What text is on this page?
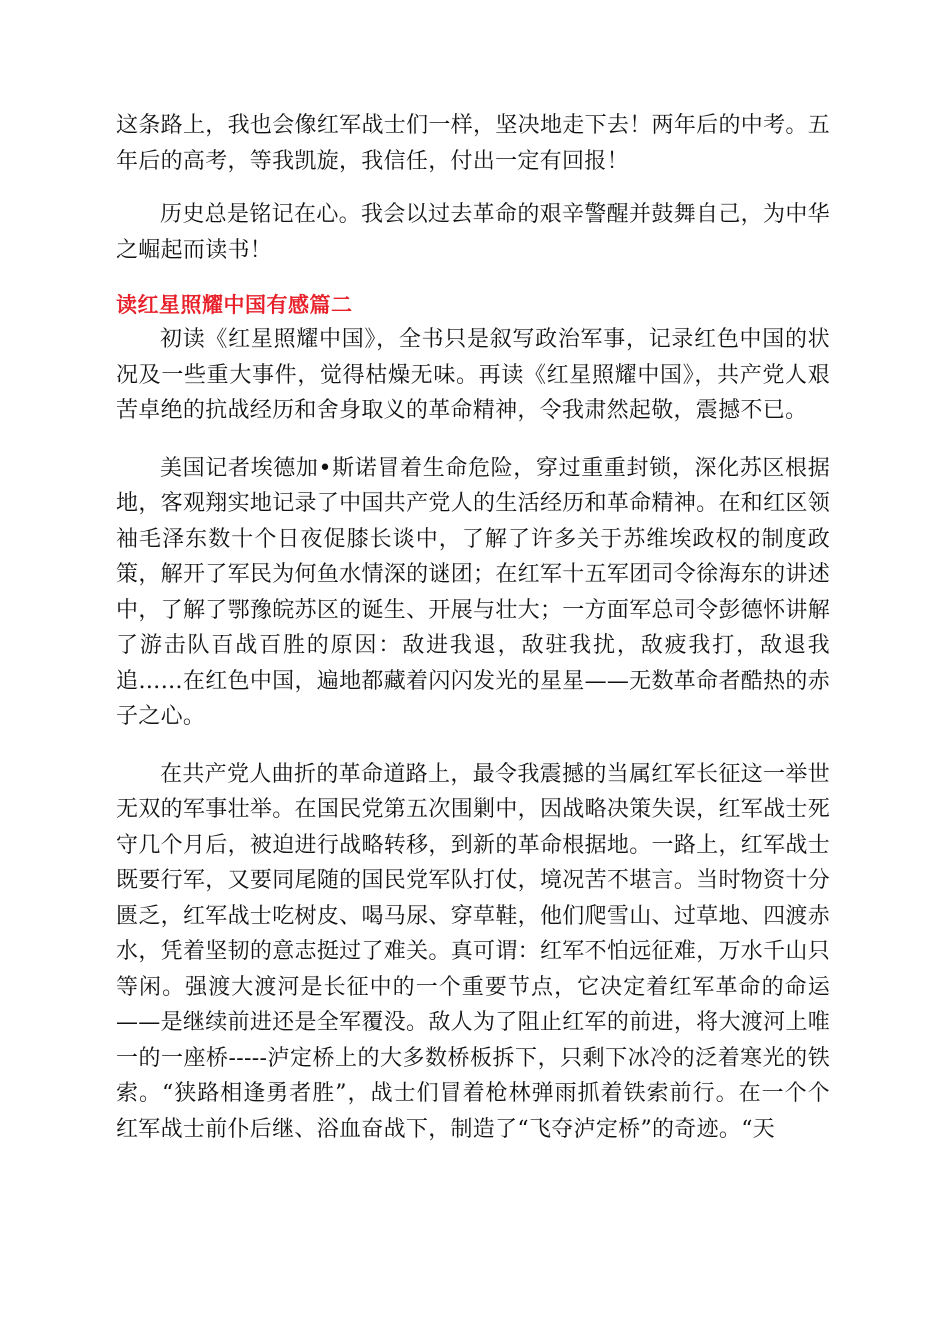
这条路上，我也会像红军战士们一样，坚决地走下去！两年后的中考。五年后的高考，等我凯旋，我信任，付出一定有回报！

历史总是铭记在心。我会以过去革命的艰辛警醒并鼓舞自己，为中华之崛起而读书！

读红星照耀中国有感篇二

初读《红星照耀中国》，全书只是叙写政治军事，记录红色中国的状况及一些重大事件，觉得枯燥无味。再读《红星照耀中国》，共产党人艰苦卓绝的抗战经历和舍身取义的革命精神，令我肃然起敬，震撼不已。

美国记者埃德加•斯诺冒着生命危险，穿过重重封锁，深化苏区根据地，客观翔实地记录了中国共产党人的生活经历和革命精神。在和红区领袖毛泽东数十个日夜促膝长谈中，了解了许多关于苏维埃政权的制度政策，解开了军民为何鱼水情深的谜团；在红军十五军团司令徐海东的讲述中，了解了鄂豫皖苏区的诞生、开展与壮大；一方面军总司令彭德怀讲解了游击队百战百胜的原因：敌进我退，敌驻我扰，敌疲我打，敌退我追……在红色中国，遍地都藏着闪闪发光的星星——无数革命者酷热的赤子之心。

在共产党人曲折的革命道路上，最令我震撼的当属红军长征这一举世无双的军事壮举。在国民党第五次围剿中，因战略决策失误，红军战士死守几个月后，被迫进行战略转移，到新的革命根据地。一路上，红军战士既要行军，又要同尾随的国民党军队打仗，境况苦不堪言。当时物资十分匮乏，红军战士吃树皮、喝马尿、穿草鞋，他们爬雪山、过草地、四渡赤水，凭着坚韧的意志挺过了难关。真可谓：红军不怕远征难，万水千山只等闲。强渡大渡河是长征中的一个重要节点，它决定着红军革命的命运——是继续前进还是全军覆没。敌人为了阻止红军的前进，将大渡河上唯一的一座桥-----泸定桥上的大多数桥板拆下，只剩下冰冷的泛着寒光的铁索。“狭路相逢勇者胜”，战士们冒着枪林弹雨抓着铁索前行。在一个个红军战士前仆后继、浴血奋战下，制造了“飞夺泸定桥”的奇迹。“天
